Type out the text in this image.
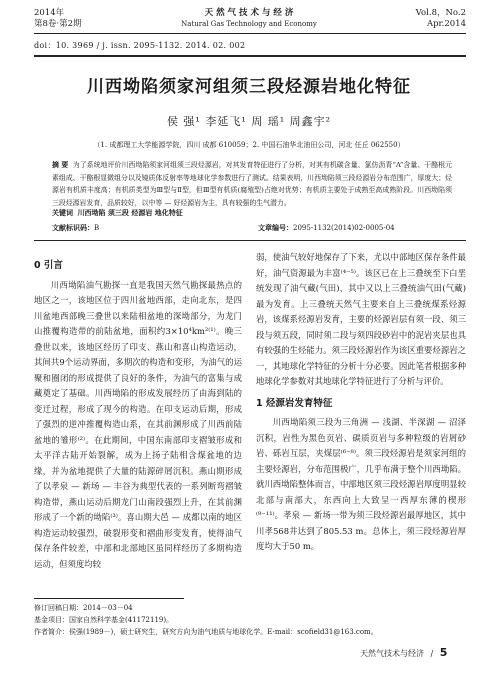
2014年
第8卷·第2期
天 然 气 技 术 与 经 济
Natural Gas Technology and Economy
Vol.8，No.2
Apr.2014
doi：10. 3969 / j. issn. 2095-1132. 2014. 02. 002
川西坳陷须家河组须三段烃源岩地化特征
侯 强¹ 李延飞¹ 周 瑶¹ 周鑫宇²
（1. 成都理工大学能源学院，四川 成都 610059；2. 中国石油华北油田公司，河北 任丘 062550）
摘 要 为了系统地评价川西坳陷须家河组须三段烃源岩，对其发育特征进行了分析，对其有机碳含量、氯仿沥青“A”含量、干酪根元素组成、干酪根显微组分以及镜质体反射率等地球化学参数进行了测试。结果表明，川西坳陷须三段烃源岩分布范围广，厚度大；烃源岩有机质丰度高；有机质类型为Ⅲ型与Ⅱ型，但Ⅲ型有机质(腐殖型)占绝对优势；有机质主要处于成熟至高成熟阶段。川西坳陷须三段烃源岩发育，品质较好，以中等 — 好烃源岩为主，具有较强的生气潜力。
关键词 川西坳陷 须三段 烃源岩 地化特征
文献标识码：B	文章编号：2095-1132(2014)02-0005-04
0 引言

川西坳陷油气勘探一直是我国天然气勘探最热点的地区之一，该地区位于四川盆地西部，走向北东，是四川盆地西部晚三叠世以来陆相盆地的深坳部分，为龙门山推覆构造带的前陆盆地，面积约3×10⁴km²⁽¹⁾。晚三叠世以来，该地区经历了印支、燕山和喜山构造运动，其间共9个运动界面，多期次的构造和变形，为油气的运聚和圈闭的形成提供了良好的条件，为油气的富集与成藏奠定了基础。川西坳陷的形成发展经历了由海到陆的变迁过程，形成了现今的构造。在印支运动后期，形成了强烈的逆冲推覆构造山系，在其前渊形成了川西前陆盆地的雏形⁽²⁾。在此期间，中国东南部印支褶皱形成和太平洋古陆开始裂解，成为上扬子陆相含煤盆地的边缘，并为盆地提供了大量的陆源碎屑沉积。燕山期形成了以孝泉 — 新场 — 丰谷为典型代表的一系列断弯褶皱构造带，燕山运动后期龙门山南段强烈上升，在其前渊形成了一个新的坳陷⁽³⁾。喜山期大邑 — 成都以南的地区构造运动较强烈，破裂形变和褶曲形变发育，使得油气保存条件较差，中部和北部地区虽同样经历了多期构造运动，但须度均较

弱，使油气较好地保存了下来，尤以中部地区保存条件最好，油气资源最为丰富⁽⁴⁻⁵⁾。该区已在上三叠统至下白垩统发现了油气藏(气田)，其中又以上三叠统油气田(气藏)最为发育。上三叠统天然气主要来自上三叠统煤系烃源岩，该煤系烃源岩发育，主要的烃源岩层有须一段、须三段与须五段，同时须二段与须四段砂岩中的泥岩夹层也具有较强的生烃能力。须三段烃源岩作为该区重要烃源岩之一，其地球化学特征的分析十分必要。因此笔者根据多种地球化学参数对其地球化学特征进行了分析与评价。

1 烃源岩发育特征

川西坳陷须三段为三角洲 — 浅湖、半深湖 — 沼泽沉积，岩性为黑色页岩、碳质页岩与多种粒级的岩屑砂岩、砾岩互层，夹煤层⁽⁶⁻⁸⁾。须三段烃源岩是须家河组的主要烃源岩，分布范围极广，几乎布满于整个川西坳陷。就川西坳陷整体而言，中部地区须三段烃源岩厚度明显较北部与南部大，东西向上大致呈一西厚东薄的楔形⁽⁹⁻¹¹⁾。孝泉 — 新场一带为须三段烃源岩最厚地区，其中川孝568井达到了805.53 m。总体上，须三段烃源岩厚度均大于50 m。

修订回稿日期：2014－03－04
基金项目：国家自然科学基金(41172119)。
作者简介：侯强(1989－)，硕士研究生，研究方向为油气地质与地球化学。E-mail：scofield31@163.com。
天然气技术与经济 / 5
